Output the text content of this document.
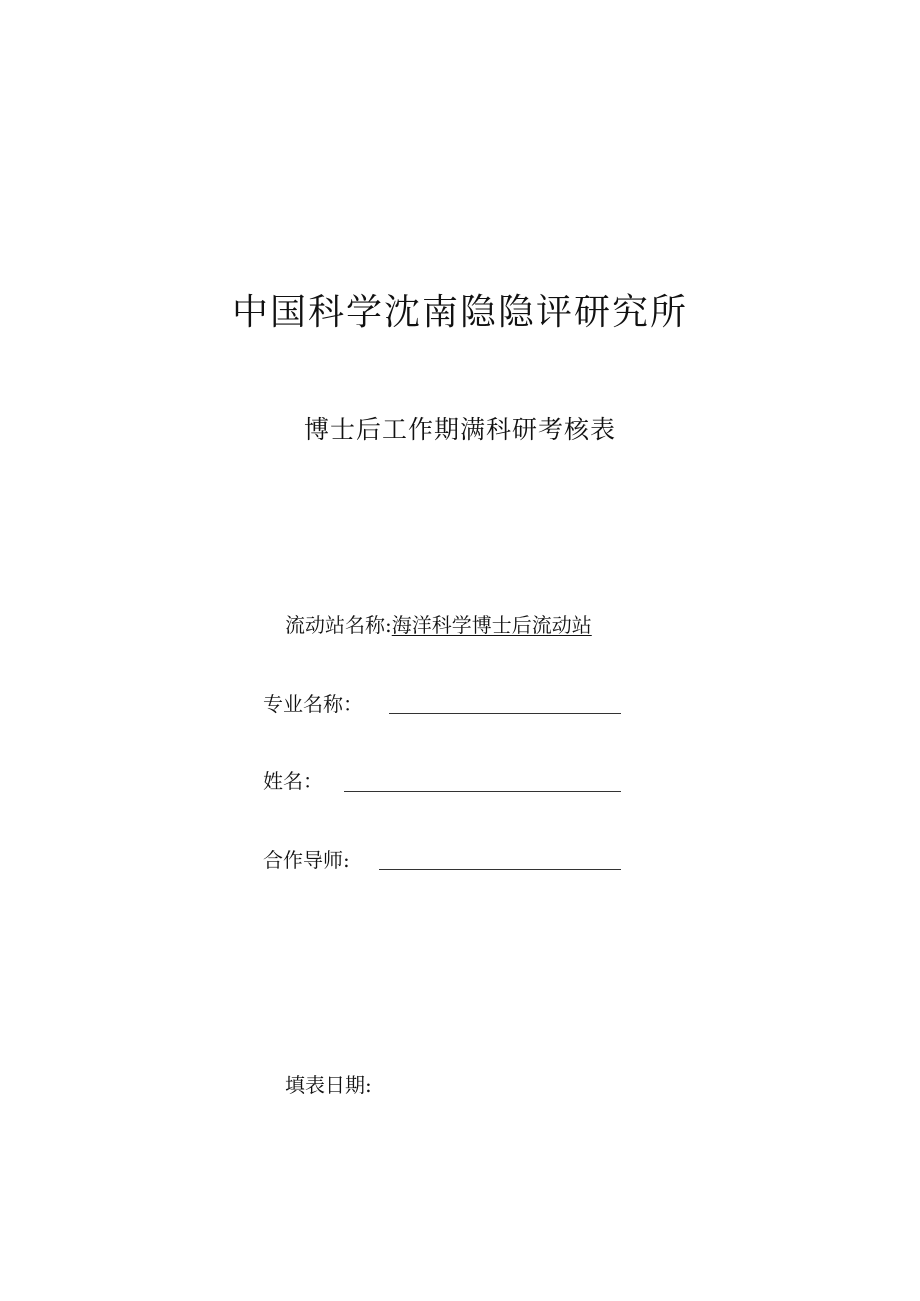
中国科学沈南隐隐评研究所
博士后工作期满科研考核表
流动站名称:海洋科学博士后流动站
专业名称：
姓名：
合作导师:
填表日期:
